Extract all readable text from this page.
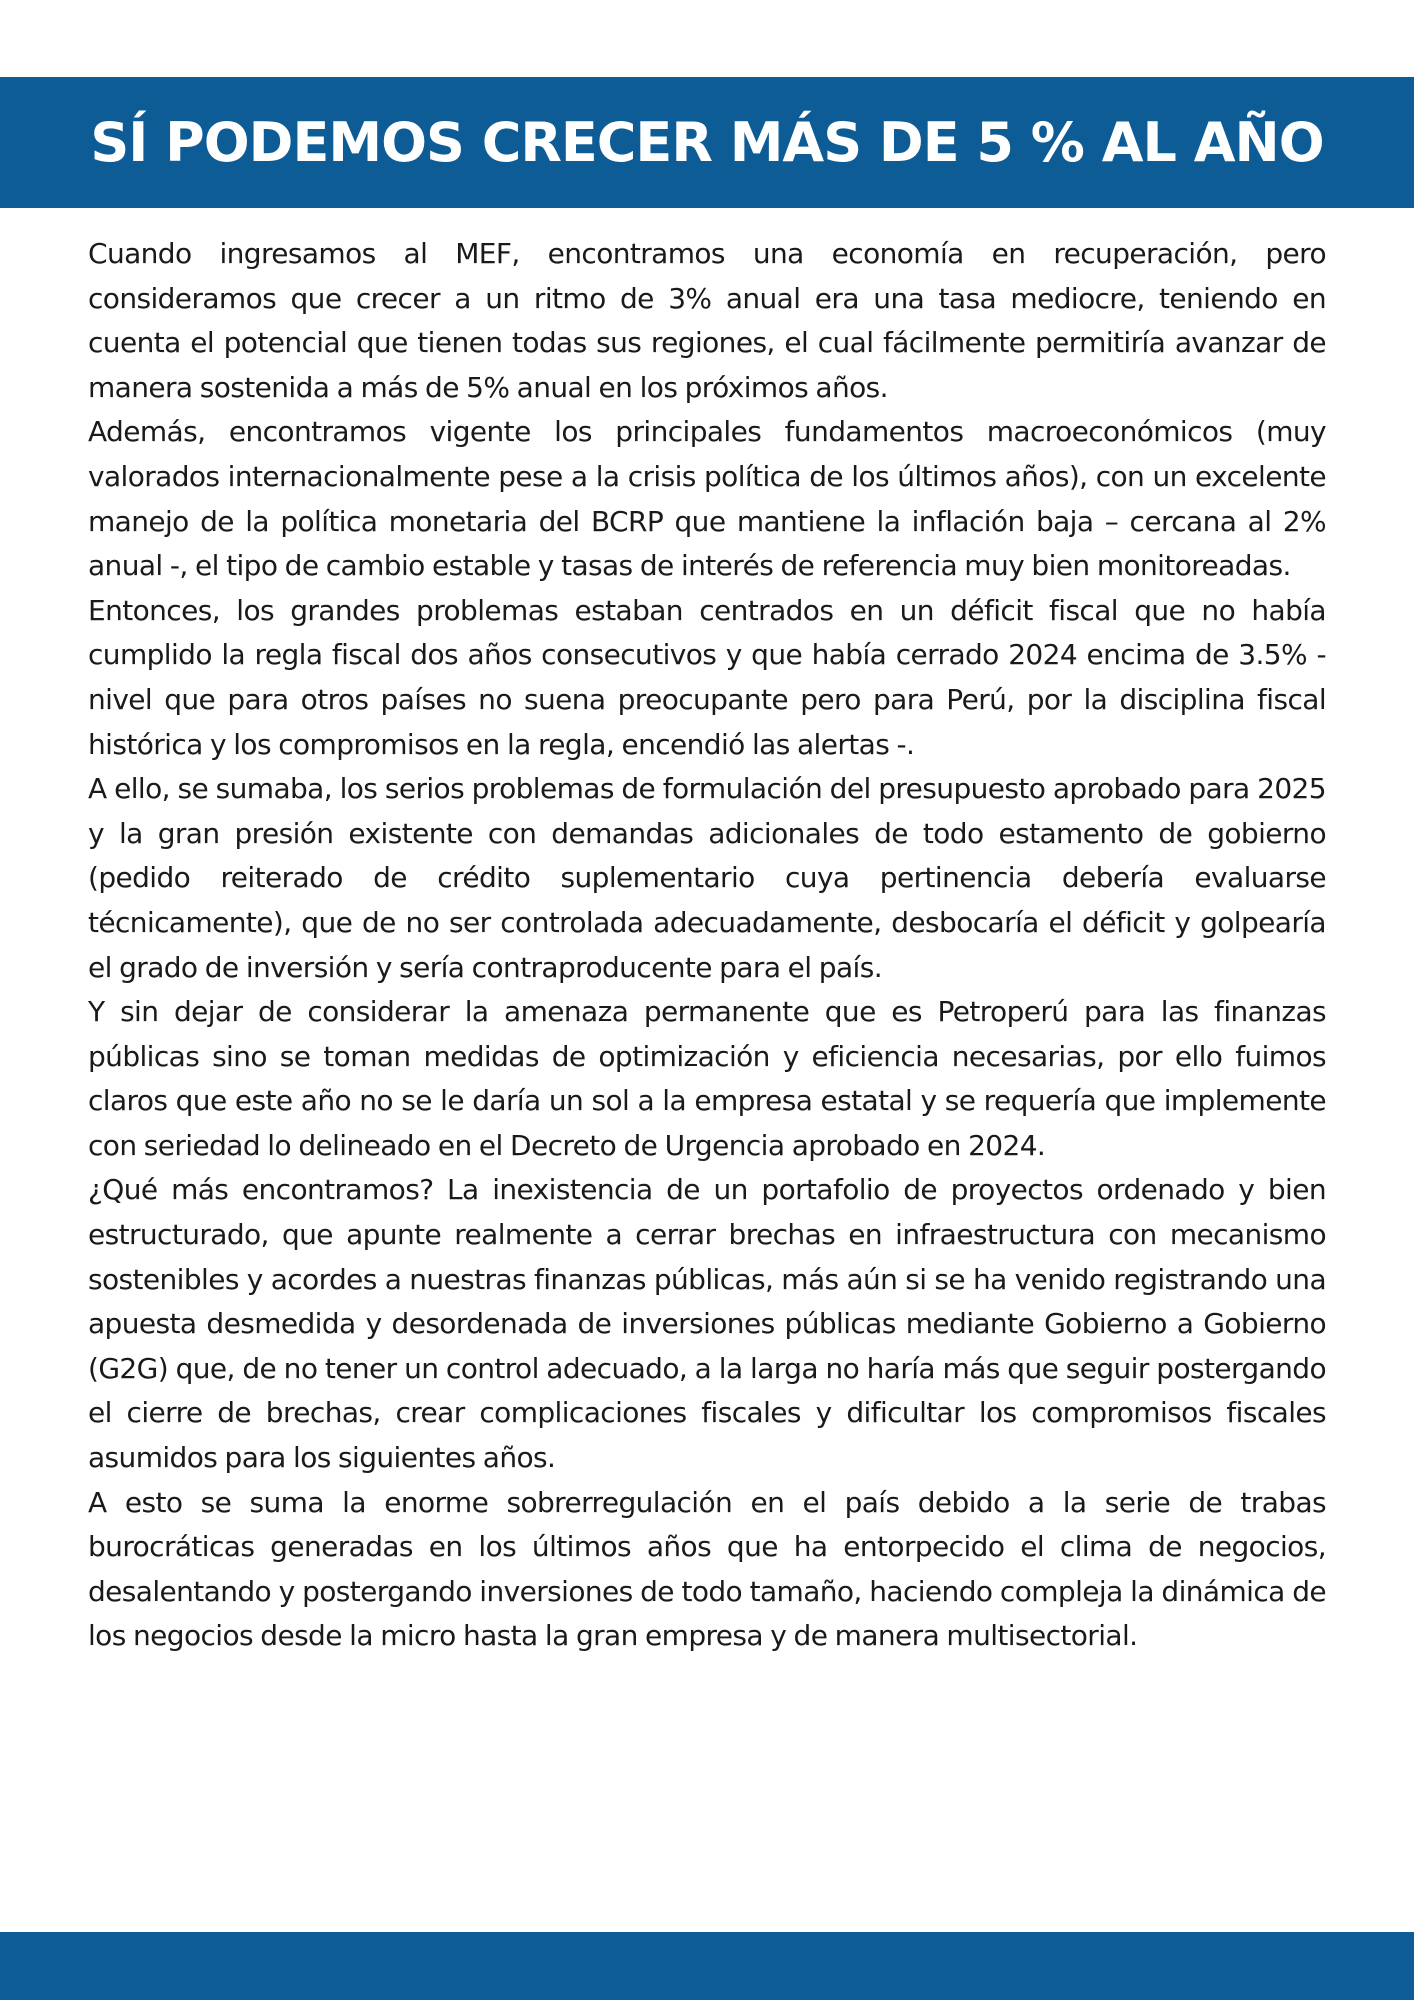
SÍ PODEMOS CRECER MÁS DE 5 % AL AÑO

Cuando ingresamos al MEF, encontramos una economía en recuperación, pero consideramos que crecer a un ritmo de 3% anual era una tasa mediocre, teniendo en cuenta el potencial que tienen todas sus regiones, el cual fácilmente permitiría avanzar de manera sostenida a más de 5% anual en los próximos años.

Además, encontramos vigente los principales fundamentos macroeconómicos (muy valorados internacionalmente pese a la crisis política de los últimos años), con un excelente manejo de la política monetaria del BCRP que mantiene la inflación baja – cercana al 2% anual -, el tipo de cambio estable y tasas de interés de referencia muy bien monitoreadas.

Entonces, los grandes problemas estaban centrados en un déficit fiscal que no había cumplido la regla fiscal dos años consecutivos y que había cerrado 2024 encima de 3.5% - nivel que para otros países no suena preocupante pero para Perú, por la disciplina fiscal histórica y los compromisos en la regla, encendió las alertas -.

A ello, se sumaba, los serios problemas de formulación del presupuesto aprobado para 2025 y la gran presión existente con demandas adicionales de todo estamento de gobierno (pedido reiterado de crédito suplementario cuya pertinencia debería evaluarse técnicamente), que de no ser controlada adecuadamente, desbocaría el déficit y golpearía el grado de inversión y sería contraproducente para el país.

Y sin dejar de considerar la amenaza permanente que es Petroperú para las finanzas públicas sino se toman medidas de optimización y eficiencia necesarias, por ello fuimos claros que este año no se le daría un sol a la empresa estatal y se requería que implemente con seriedad lo delineado en el Decreto de Urgencia aprobado en 2024.

¿Qué más encontramos? La inexistencia de un portafolio de proyectos ordenado y bien estructurado, que apunte realmente a cerrar brechas en infraestructura con mecanismo sostenibles y acordes a nuestras finanzas públicas, más aún si se ha venido registrando una apuesta desmedida y desordenada de inversiones públicas mediante Gobierno a Gobierno (G2G) que, de no tener un control adecuado, a la larga no haría más que seguir postergando el cierre de brechas, crear complicaciones fiscales y dificultar los compromisos fiscales asumidos para los siguientes años.

A esto se suma la enorme sobrerregulación en el país debido a la serie de trabas burocráticas generadas en los últimos años que ha entorpecido el clima de negocios, desalentando y postergando inversiones de todo tamaño, haciendo compleja la dinámica de los negocios desde la micro hasta la gran empresa y de manera multisectorial.
